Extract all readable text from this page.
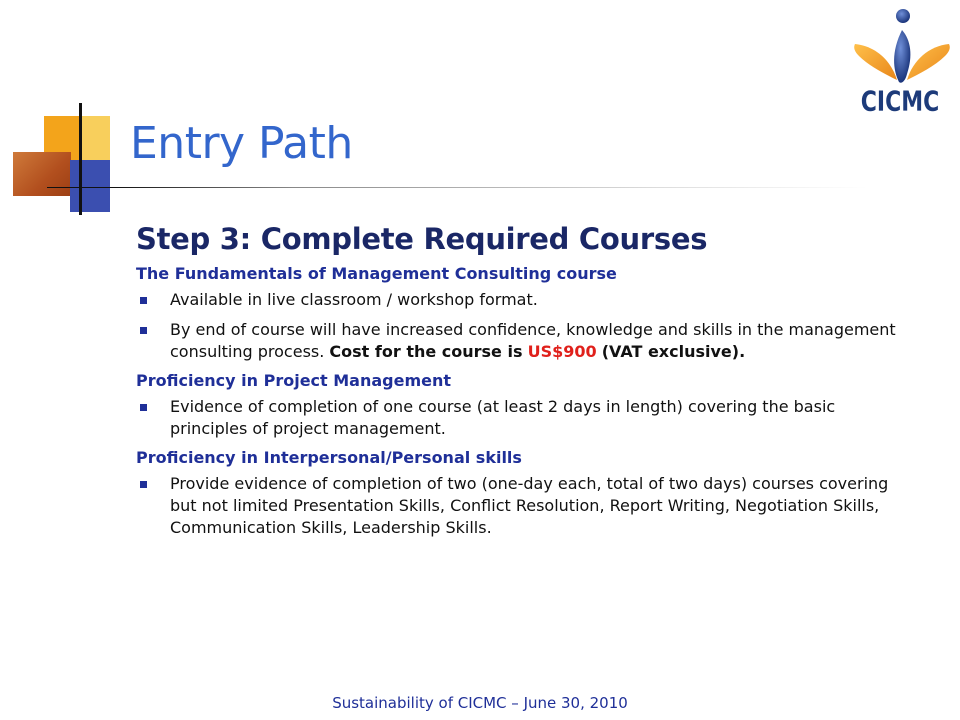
CICMC
Entry Path
Step 3: Complete Required Courses
The Fundamentals of Management Consulting course
Available in live classroom / workshop format.
By end of course will have increased confidence, knowledge and skills in the management consulting process. Cost for the course is US$900 (VAT exclusive).
Proficiency in Project Management
Evidence of completion of one course (at least 2 days in length) covering the basic principles of project management.
Proficiency in Interpersonal/Personal skills
Provide evidence of completion of two (one-day each, total of two days) courses covering but not limited Presentation Skills, Conflict Resolution, Report Writing, Negotiation Skills, Communication Skills, Leadership Skills.
Sustainability of CICMC – June 30, 2010
